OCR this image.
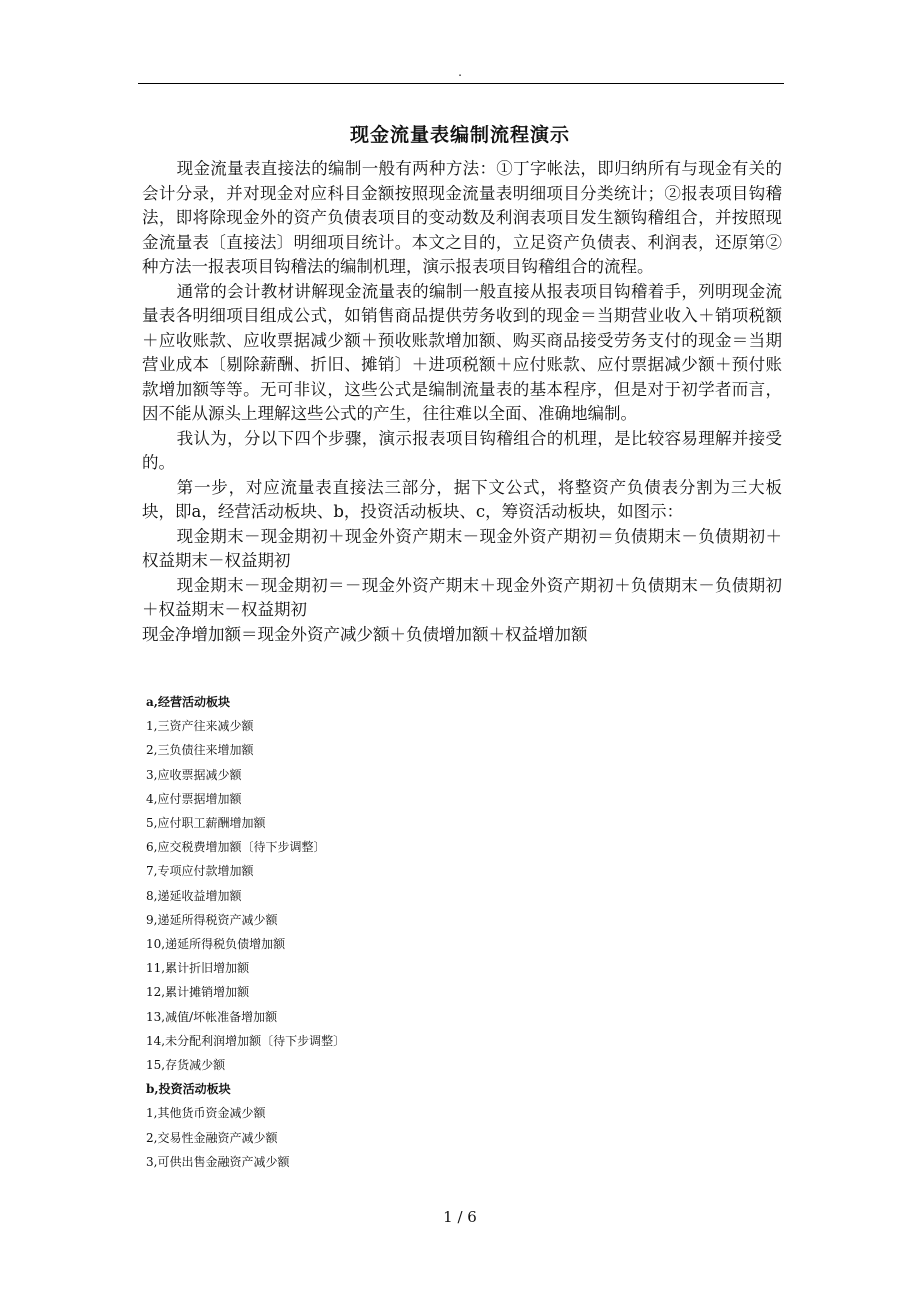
.
现金流量表编制流程演示

现金流量表直接法的编制一般有两种方法：①丁字帐法，即归纳所有与现金有关的会计分录，并对现金对应科目金额按照现金流量表明细项目分类统计；②报表项目钩稽法，即将除现金外的资产负债表项目的变动数及利润表项目发生额钩稽组合，并按照现金流量表〔直接法〕明细项目统计。本文之目的，立足资产负债表、利润表，还原第②种方法一报表项目钩稽法的编制机理，演示报表项目钩稽组合的流程。

通常的会计教材讲解现金流量表的编制一般直接从报表项目钩稽着手，列明现金流量表各明细项目组成公式，如销售商品提供劳务收到的现金＝当期营业收入＋销项税额＋应收账款、应收票据减少额＋预收账款增加额、购买商品接受劳务支付的现金＝当期营业成本〔剔除薪酬、折旧、摊销〕＋进项税额＋应付账款、应付票据减少额＋预付账款增加额等等。无可非议，这些公式是编制流量表的基本程序，但是对于初学者而言，因不能从源头上理解这些公式的产生，往往难以全面、准确地编制。

我认为，分以下四个步骤，演示报表项目钩稽组合的机理，是比较容易理解并接受的。

第一步，对应流量表直接法三部分，据下文公式，将整资产负债表分割为三大板块，即a，经营活动板块、b，投资活动板块、c，筹资活动板块，如图示：

现金期末－现金期初＋现金外资产期末－现金外资产期初＝负债期末－负债期初＋权益期末－权益期初

现金期末－现金期初＝－现金外资产期末＋现金外资产期初＋负债期末－负债期初＋权益期末－权益期初

现金净增加额＝现金外资产减少额＋负债增加额＋权益增加额

a,经营活动板块
1,三资产往来减少额
2,三负债往来增加额
3,应收票据减少额
4,应付票据增加额
5,应付职工薪酬增加额
6,应交税费增加额〔待下步调整〕
7,专项应付款增加额
8,递延收益增加额
9,递延所得税资产减少额
10,递延所得税负债增加额
11,累计折旧增加额
12,累计摊销增加额
13,减值/坏帐准备增加额
14,未分配利润增加额〔待下步调整〕
15,存货减少额
b,投资活动板块
1,其他货币资金减少额
2,交易性金融资产减少额
3,可供出售金融资产减少额
1 / 6
